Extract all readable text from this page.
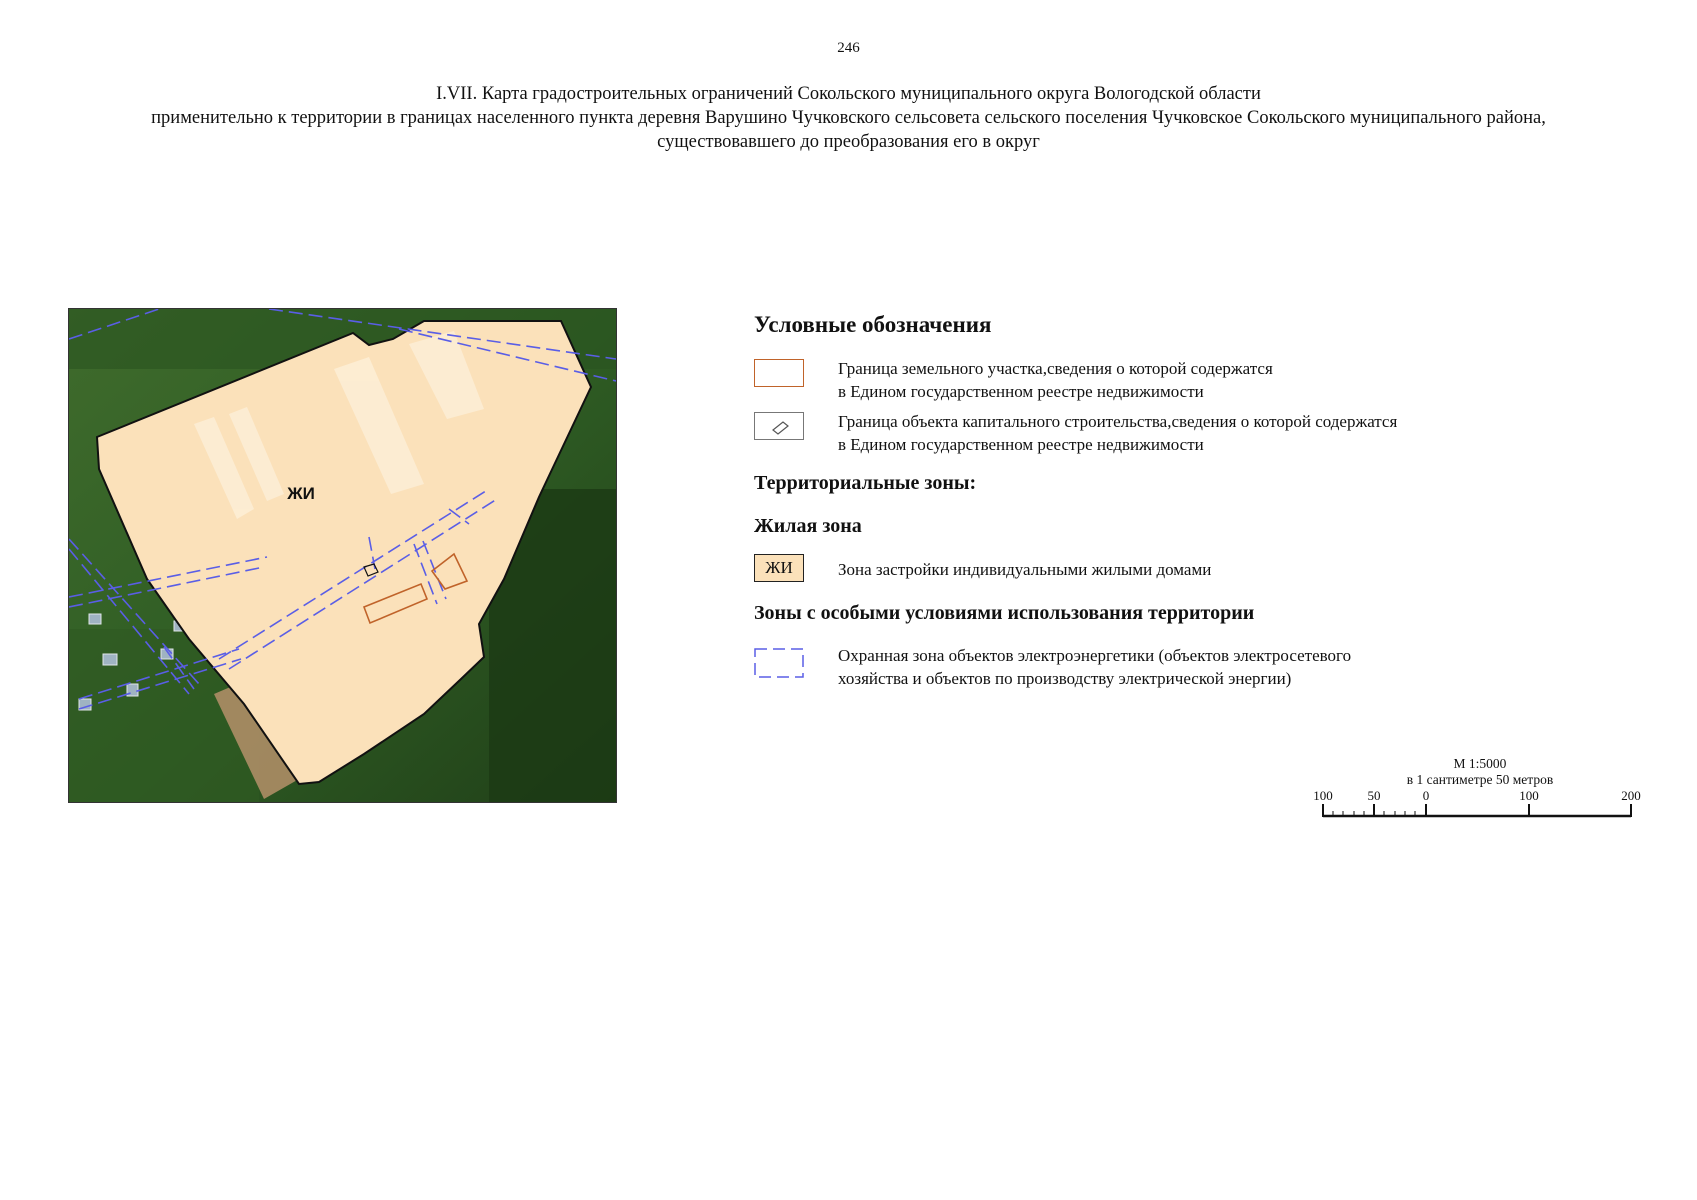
246
I.VII. Карта градостроительных ограничений Сокольского муниципального округа Вологодской области
применительно к территории в границах населенного пункта деревня Варушино Чучковского сельсовета сельского поселения Чучковское Сокольского муниципального района,
существовавшего до преобразования его в округ
ЖИ
Условные обозначения
Граница земельного участка,сведения о которой содержатся
в Едином государственном реестре недвижимости
Граница объекта капитального строительства,сведения о которой содержатся
в Едином государственном реестре недвижимости
Территориальные зоны:
Жилая зона
ЖИ	Зона застройки индивидуальными жилыми домами
Зоны с особыми условиями использования территории
Охранная зона объектов электроэнергетики (объектов электросетевого
хозяйства и объектов по производству электрической энергии)
М 1:5000
в 1 сантиметре 50 метров
100	50	0	100	200
